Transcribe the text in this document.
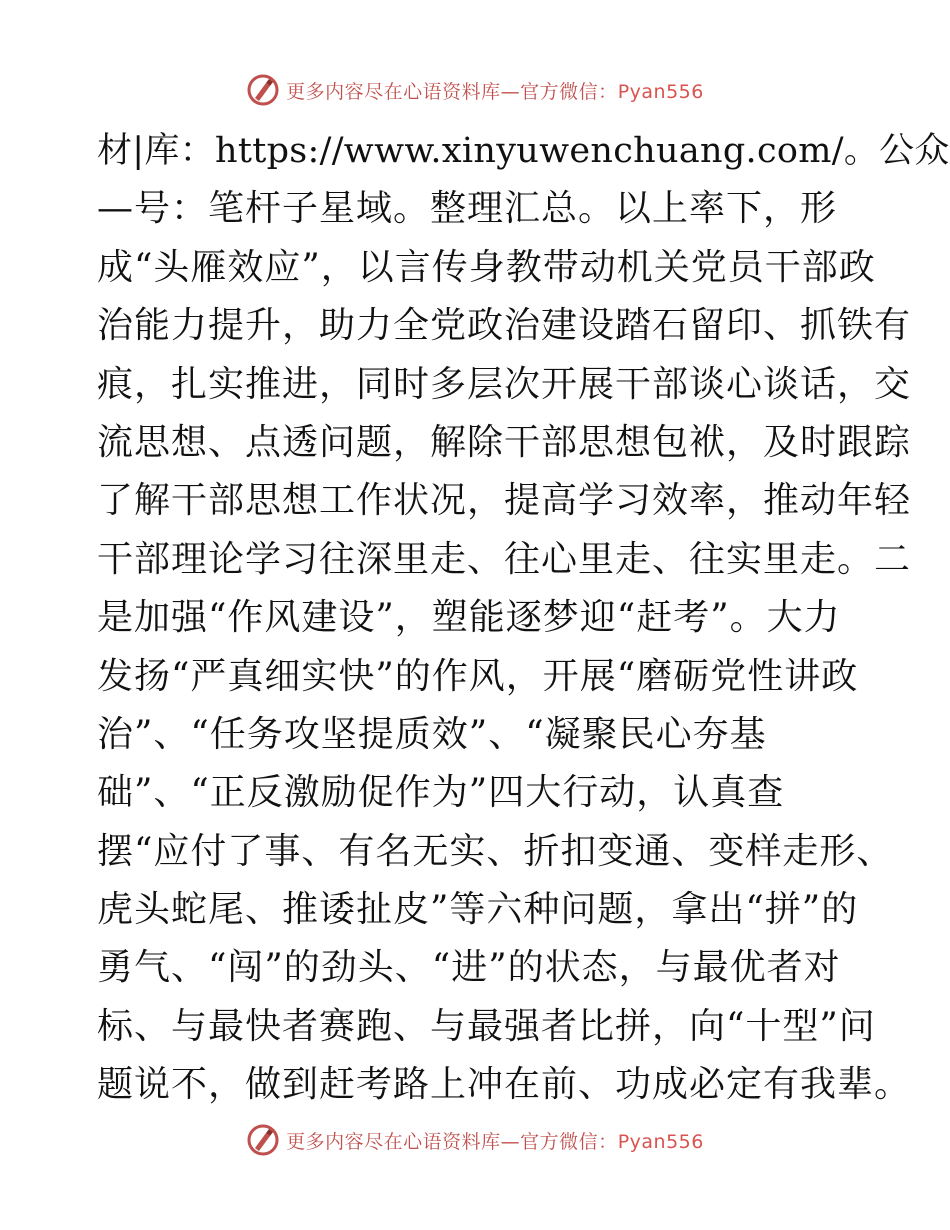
更多内容尽在心语资料库—官方微信：Pyan556
材|库：https://www.xinyuwenchuang.com/。公众
—号：笔杆子星域。整理汇总。以上率下，形
成“头雁效应”，以言传身教带动机关党员干部政
治能力提升，助力全党政治建设踏石留印、抓铁有
痕，扎实推进，同时多层次开展干部谈心谈话，交
流思想、点透问题，解除干部思想包袱，及时跟踪
了解干部思想工作状况，提高学习效率，推动年轻
干部理论学习往深里走、往心里走、往实里走。二
是加强“作风建设”，塑能逐梦迎“赶考”。大力
发扬“严真细实快”的作风，开展“磨砺党性讲政
治”、“任务攻坚提质效”、“凝聚民心夯基
础”、“正反激励促作为”四大行动，认真查
摆“应付了事、有名无实、折扣变通、变样走形、
虎头蛇尾、推诿扯皮”等六种问题，拿出“拼”的
勇气、“闯”的劲头、“进”的状态，与最优者对
标、与最快者赛跑、与最强者比拼，向“十型”问
题说不，做到赶考路上冲在前、功成必定有我辈。
更多内容尽在心语资料库—官方微信：Pyan556
